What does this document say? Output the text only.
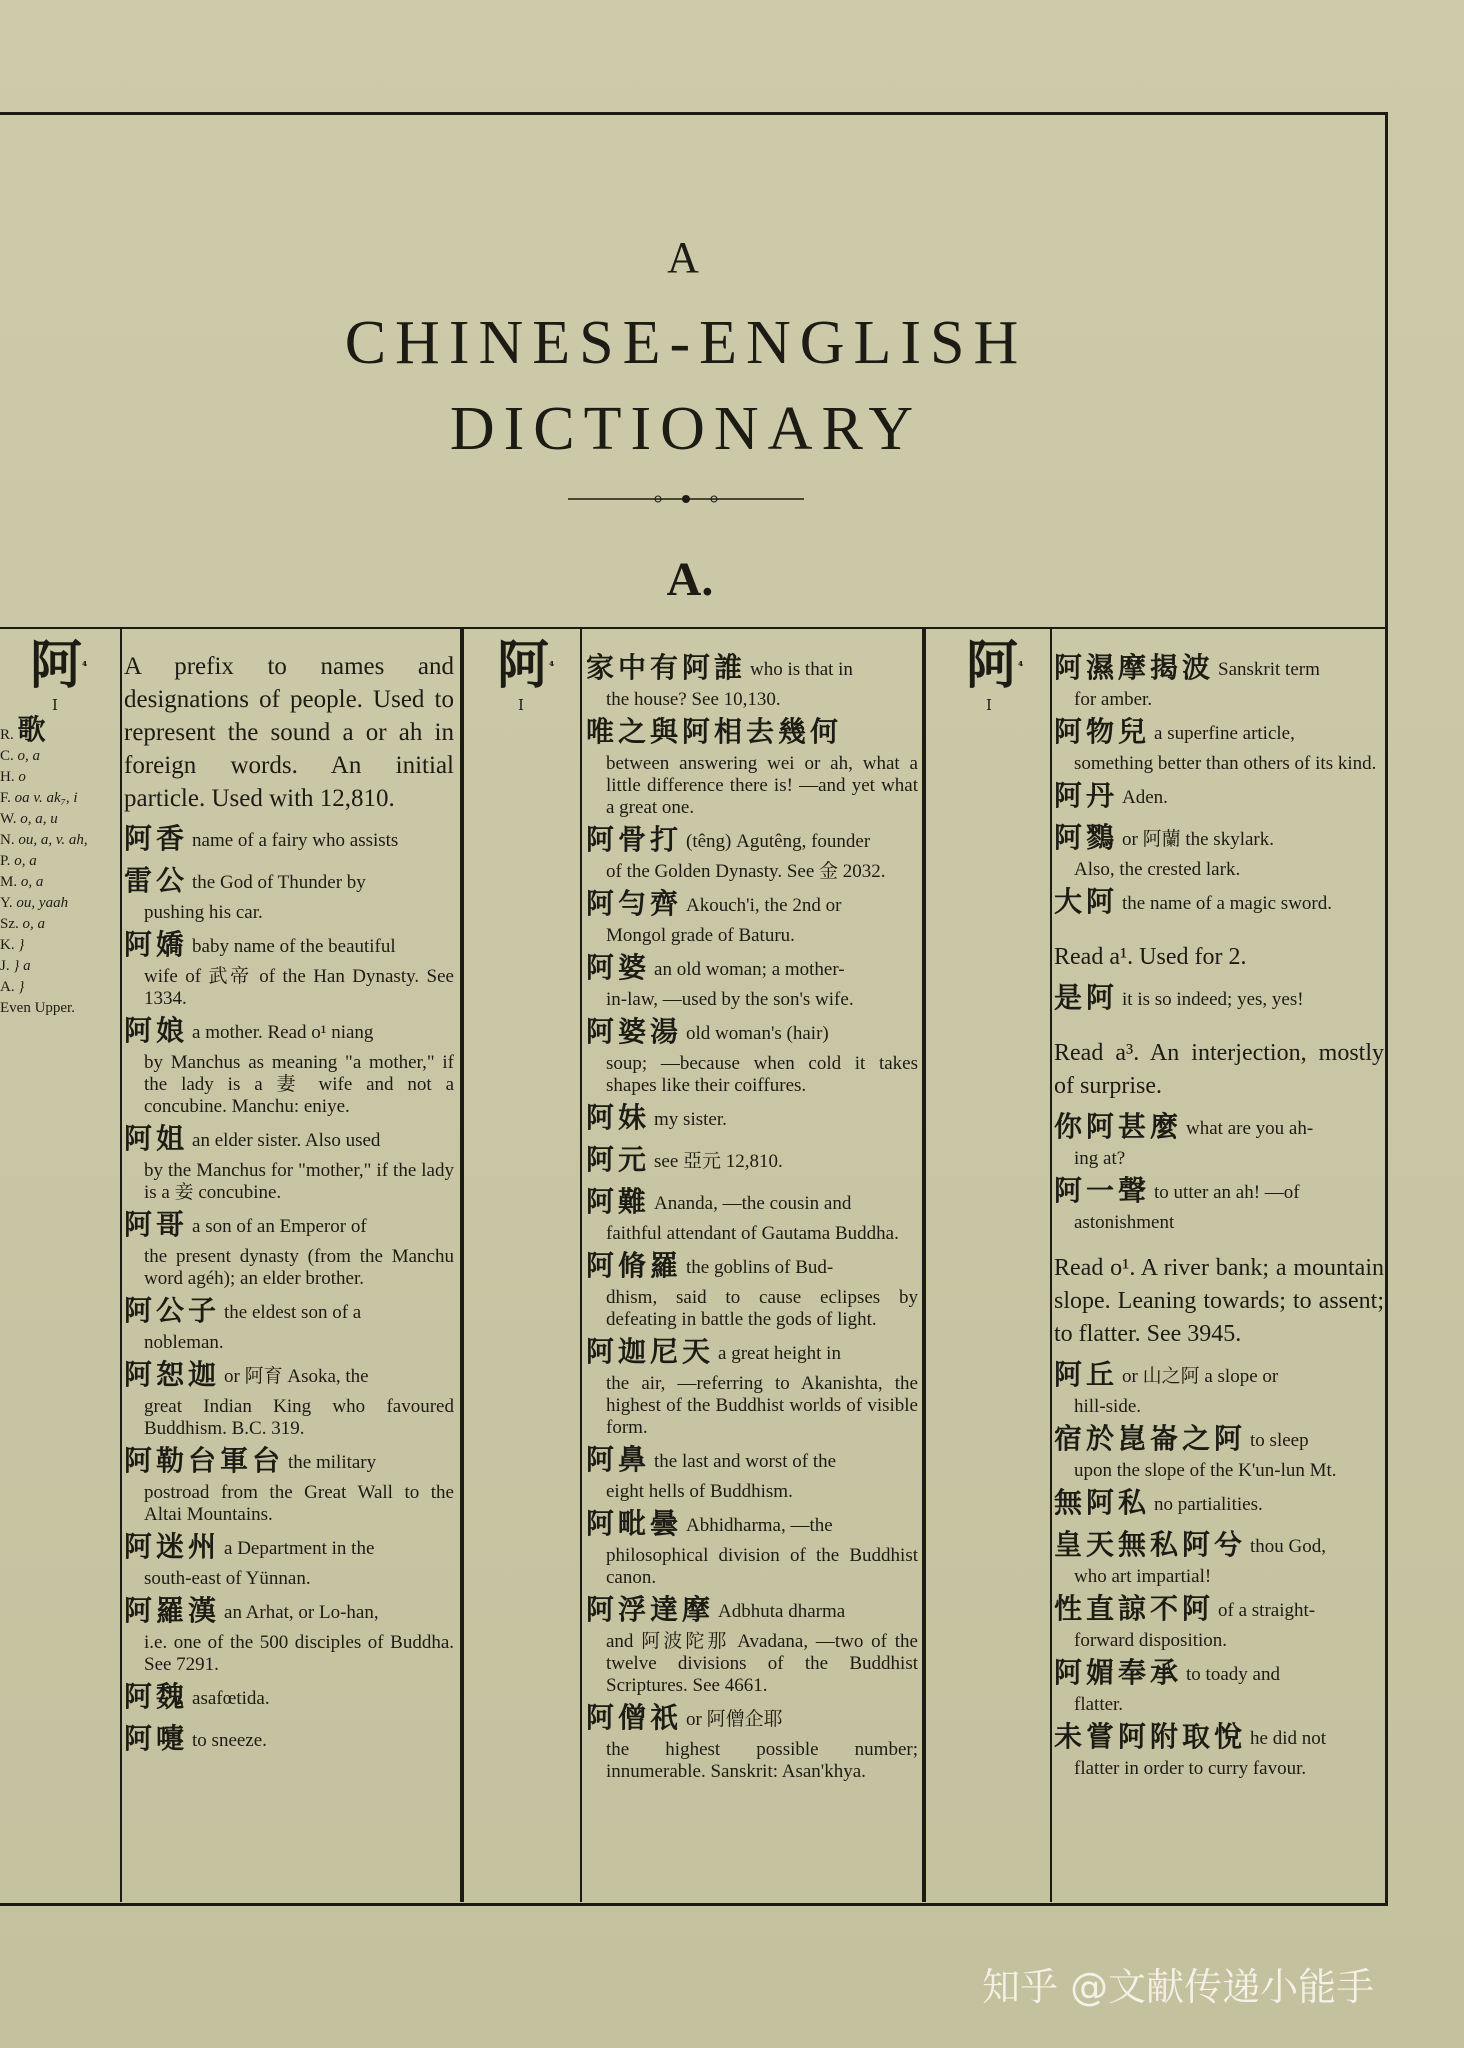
A
CHINESE-ENGLISH
DICTIONARY
A.
阿$^{^4}$
I
阿$^{^4}$
I
阿$^{^4}$
I
R. 歌
C. o, a
H. o
F. oa v. ak₇, i
W. o, a, u
N. ou, a, v. ah,
P. o, a
M. o, a
Y. ou, yaah
Sz. o, a
K. }
J. } a
A. }
Even Upper.
A prefix to names and designations of people. Used to represent the sound a or ah in foreign words. An initial particle. Used with 12,810.
阿香 name of a fairy who assists
雷公 the God of Thunder by
pushing his car.
阿嬌 baby name of the beautiful
wife of 武帝 of the Han Dynasty. See 1334.
阿娘 a mother. Read o¹ niang
by Manchus as meaning "a mother," if the lady is a 妻 wife and not a concubine. Manchu: eniye.
阿姐 an elder sister. Also used
by the Manchus for "mother," if the lady is a 妾 concubine.
阿哥 a son of an Emperor of
the present dynasty (from the Manchu word agéh); an elder brother.
阿公子 the eldest son of a
nobleman.
阿恕迦 or 阿育 Asoka, the
great Indian King who favoured Buddhism. B.C. 319.
阿勒台軍台 the military
postroad from the Great Wall to the Altai Mountains.
阿迷州 a Department in the
south-east of Yünnan.
阿羅漢 an Arhat, or Lo-han,
i.e. one of the 500 disciples of Buddha. See 7291.
阿魏 asafœtida.
阿嚏 to sneeze.
家中有阿誰 who is that in
the house? See 10,130.
唯之與阿相去幾何
between answering wei or ah, what a little difference there is! —and yet what a great one.
阿骨打 (têng) Agutêng, founder
of the Golden Dynasty. See 金 2032.
阿勻齊 Akouch'i, the 2nd or
Mongol grade of Baturu.
阿婆 an old woman; a mother-
in-law, —used by the son's wife.
阿婆湯 old woman's (hair)
soup; —because when cold it takes shapes like their coiffures.
阿妹 my sister.
阿元 see 亞元 12,810.
阿難 Ananda, —the cousin and
faithful attendant of Gautama Buddha.
阿脩羅 the goblins of Bud-
dhism, said to cause eclipses by defeating in battle the gods of light.
阿迦尼天 a great height in
the air, —referring to Akanishta, the highest of the Buddhist worlds of visible form.
阿鼻 the last and worst of the
eight hells of Buddhism.
阿毗曇 Abhidharma, —the
philosophical division of the Buddhist canon.
阿浮達摩 Adbhuta dharma
and 阿波陀那 Avadana, —two of the twelve divisions of the Buddhist Scriptures. See 4661.
阿僧祇 or 阿僧企耶
the highest possible number; innumerable. Sanskrit: Asan'khya.
阿濕摩揭波 Sanskrit term
for amber.
阿物兒 a superfine article,
something better than others of its kind.
阿丹 Aden.
阿鷚 or 阿蘭 the skylark.
Also, the crested lark.
大阿 the name of a magic sword.
Read a¹. Used for 2.
是阿 it is so indeed; yes, yes!
Read a³. An interjection, mostly of surprise.
你阿甚麼 what are you ah-
ing at?
阿一聲 to utter an ah! —of
astonishment
Read o¹. A river bank; a mountain slope. Leaning towards; to assent; to flatter. See 3945.
阿丘 or 山之阿 a slope or
hill-side.
宿於崑崙之阿 to sleep
upon the slope of the K'un-lun Mt.
無阿私 no partialities.
皇天無私阿兮 thou God,
who art impartial!
性直諒不阿 of a straight-
forward disposition.
阿媚奉承 to toady and
flatter.
未嘗阿附取悅 he did not
flatter in order to curry favour.
知乎 @文献传递小能手
